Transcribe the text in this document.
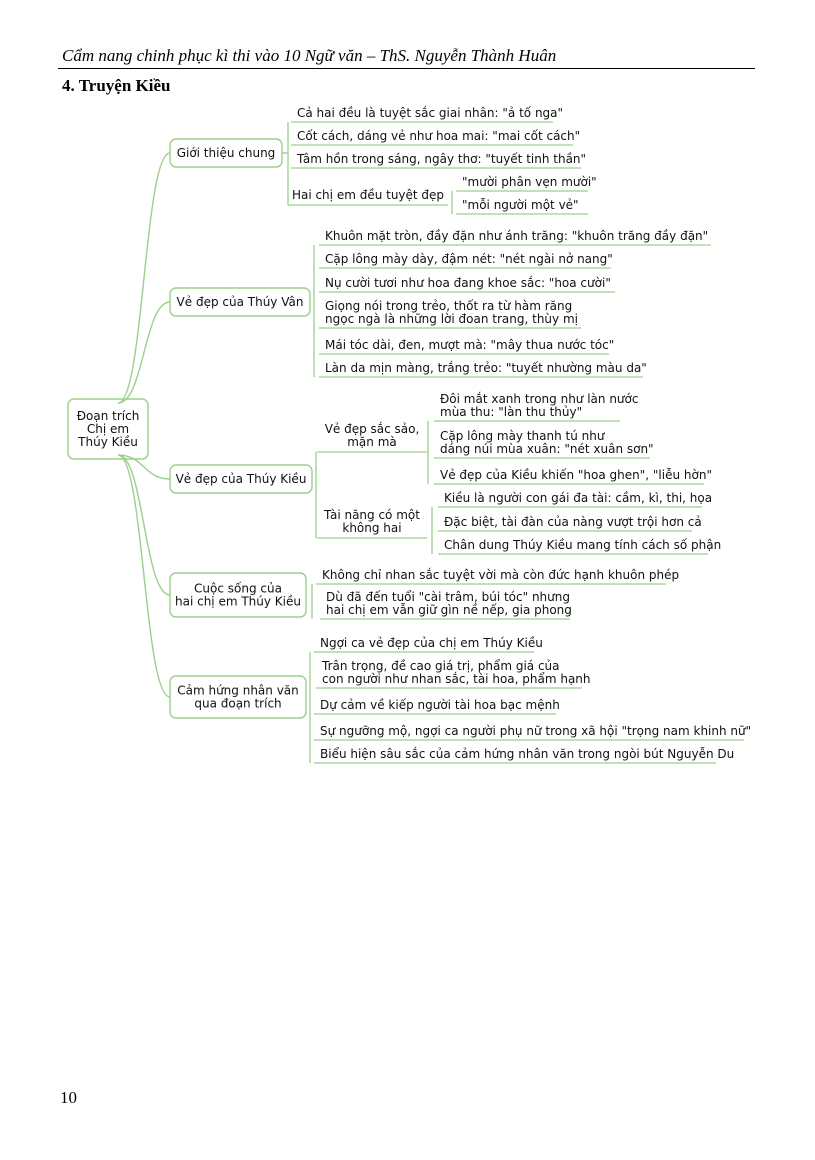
Cẩm nang chinh phục kì thi vào 10 Ngữ văn – ThS. Nguyễn Thành Huân
4. Truyện Kiều
Đoạn trích Chị em Thúy Kiều
Giới thiệu chung
Vẻ đẹp của Thúy Vân
Vẻ đẹp của Thúy Kiều
Cuộc sống của hai chị em Thúy Kiều
Cảm hứng nhân văn qua đoạn trích
Cả hai đều là tuyệt sắc giai nhân: "ả tố nga"
Cốt cách, dáng vẻ như hoa mai: "mai cốt cách"
Tâm hồn trong sáng, ngây thơ: "tuyết tinh thần"
Hai chị em đều tuyệt đẹp
"mười phân vẹn mười"
"mỗi người một vẻ"
Khuôn mặt tròn, đầy đặn như ánh trăng: "khuôn trăng đầy đặn"
Cặp lông mày dày, đậm nét: "nét ngài nở nang"
Nụ cười tươi như hoa đang khoe sắc: "hoa cười"
Giọng nói trong trẻo, thốt ra từ hàm răng ngọc ngà là những lời đoan trang, thùy mị
Mái tóc dài, đen, mượt mà: "mây thua nước tóc"
Làn da mịn màng, trắng trẻo: "tuyết nhường màu da"
Vẻ đẹp sắc sảo, mặn mà
Tài năng có một không hai
Đôi mắt xanh trong như làn nước mùa thu: "làn thu thủy"
Cặp lông mày thanh tú như dáng núi mùa xuân: "nét xuân sơn"
Vẻ đẹp của Kiều khiến "hoa ghen", "liễu hờn"
Kiều là người con gái đa tài: cầm, kì, thi, họa
Đặc biệt, tài đàn của nàng vượt trội hơn cả
Chân dung Thúy Kiều mang tính cách số phận
Không chỉ nhan sắc tuyệt vời mà còn đức hạnh khuôn phép
Dù đã đến tuổi "cài trâm, búi tóc" nhưng hai chị em vẫn giữ gìn nề nếp, gia phong
Ngợi ca vẻ đẹp của chị em Thúy Kiều
Trân trọng, đề cao giá trị, phẩm giá của con người như nhan sắc, tài hoa, phẩm hạnh
Dự cảm về kiếp người tài hoa bạc mệnh
Sự ngưỡng mộ, ngợi ca người phụ nữ trong xã hội "trọng nam khinh nữ"
Biểu hiện sâu sắc của cảm hứng nhân văn trong ngòi bút Nguyễn Du
10
